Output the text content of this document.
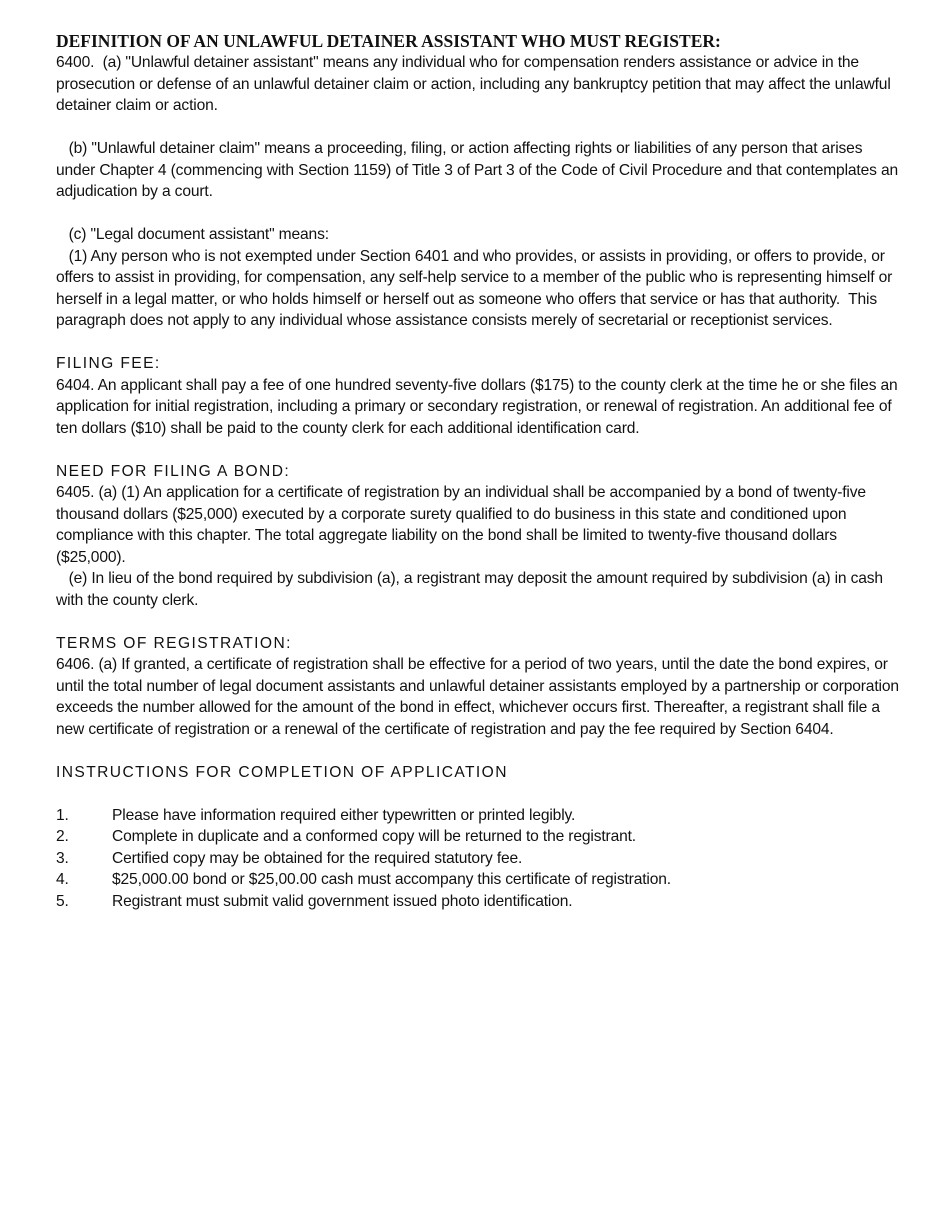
DEFINITION OF AN UNLAWFUL DETAINER ASSISTANT WHO MUST REGISTER:

6400.  (a) "Unlawful detainer assistant" means any individual who for compensation renders assistance or advice in the prosecution or defense of an unlawful detainer claim or action, including any bankruptcy petition that may affect the unlawful detainer claim or action.

(b) "Unlawful detainer claim" means a proceeding, filing, or action affecting rights or liabilities of any person that arises under Chapter 4 (commencing with Section 1159) of Title 3 of Part 3 of the Code of Civil Procedure and that contemplates an adjudication by a court.

(c) "Legal document assistant" means:

(1) Any person who is not exempted under Section 6401 and who provides, or assists in providing, or offers to provide, or offers to assist in providing, for compensation, any self-help service to a member of the public who is representing himself or herself in a legal matter, or who holds himself or herself out as someone who offers that service or has that authority.  This paragraph does not apply to any individual whose assistance consists merely of secretarial or receptionist services.

FILING FEE:

6404. An applicant shall pay a fee of one hundred seventy-five dollars ($175) to the county clerk at the time he or she files an application for initial registration, including a primary or secondary registration, or renewal of registration. An additional fee of ten dollars ($10) shall be paid to the county clerk for each additional identification card.

NEED FOR FILING A BOND:

6405. (a) (1) An application for a certificate of registration by an individual shall be accompanied by a bond of twenty-five thousand dollars ($25,000) executed by a corporate surety qualified to do business in this state and conditioned upon compliance with this chapter. The total aggregate liability on the bond shall be limited to twenty-five thousand dollars ($25,000).

(e) In lieu of the bond required by subdivision (a), a registrant may deposit the amount required by subdivision (a) in cash with the county clerk.

TERMS OF REGISTRATION:

6406. (a) If granted, a certificate of registration shall be effective for a period of two years, until the date the bond expires, or until the total number of legal document assistants and unlawful detainer assistants employed by a partnership or corporation exceeds the number allowed for the amount of the bond in effect, whichever occurs first. Thereafter, a registrant shall file a new certificate of registration or a renewal of the certificate of registration and pay the fee required by Section 6404.

INSTRUCTIONS FOR COMPLETION OF APPLICATION

1.	Please have information required either typewritten or printed legibly.
2.	Complete in duplicate and a conformed copy will be returned to the registrant.
3.	Certified copy may be obtained for the required statutory fee.
4.	$25,000.00 bond or $25,00.00 cash must accompany this certificate of registration.
5.	Registrant must submit valid government issued photo identification.
